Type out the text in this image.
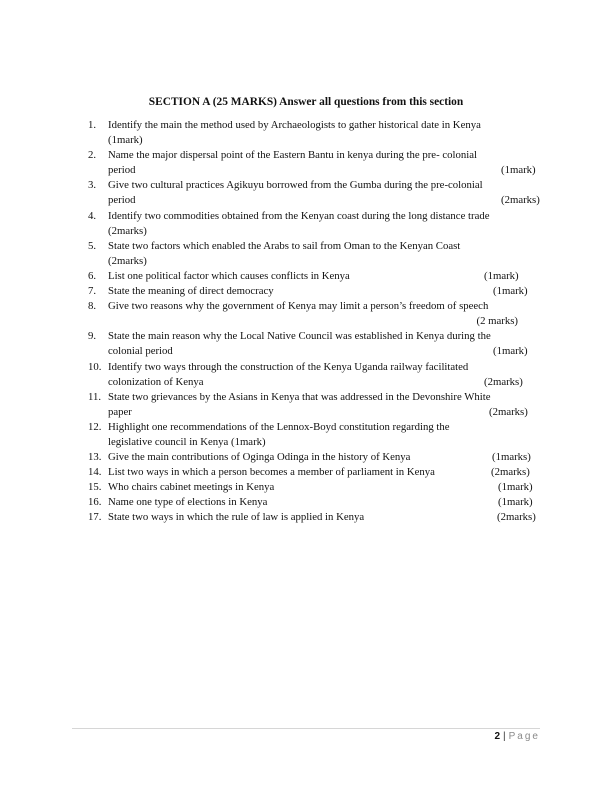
SECTION A (25 MARKS) Answer all questions from this section
1.	Identify the main the method used by Archaeologists to gather historical date in Kenya
(1mark)
2.	Name the major dispersal point of the Eastern Bantu in kenya during the pre- colonial
period	(1mark)
3.	Give two cultural practices Agikuyu borrowed from the Gumba during the pre-colonial
period	(2marks)
4.	Identify two commodities obtained from the Kenyan coast during the long distance trade
(2marks)
5.	State two factors which enabled the Arabs to sail from Oman to the Kenyan Coast
(2marks)
6.	List one political factor which causes conflicts in Kenya	(1mark)
7.	State the meaning of direct democracy	(1mark)
8.	Give two reasons why the government of Kenya may limit a person’s freedom of speech
(2 marks)
9.	State the main reason why the Local Native Council was established in Kenya during the
colonial period	(1mark)
10. Identify two ways through the construction of the Kenya Uganda railway facilitated
colonization of Kenya	(2marks)
11. State two grievances by the Asians in Kenya that was addressed in the Devonshire White
paper	(2marks)
12. Highlight one recommendations of the Lennox-Boyd constitution regarding the
legislative council in Kenya (1mark)
13. Give the main contributions of Oginga Odinga in the history of Kenya	(1marks)
14. List two ways in which a person becomes a member of parliament in Kenya	(2marks)
15. Who chairs cabinet meetings in Kenya	(1mark)
16. Name one type of elections in Kenya	(1mark)
17. State two ways in which the rule of law is applied in Kenya	(2marks)
2 | Page
